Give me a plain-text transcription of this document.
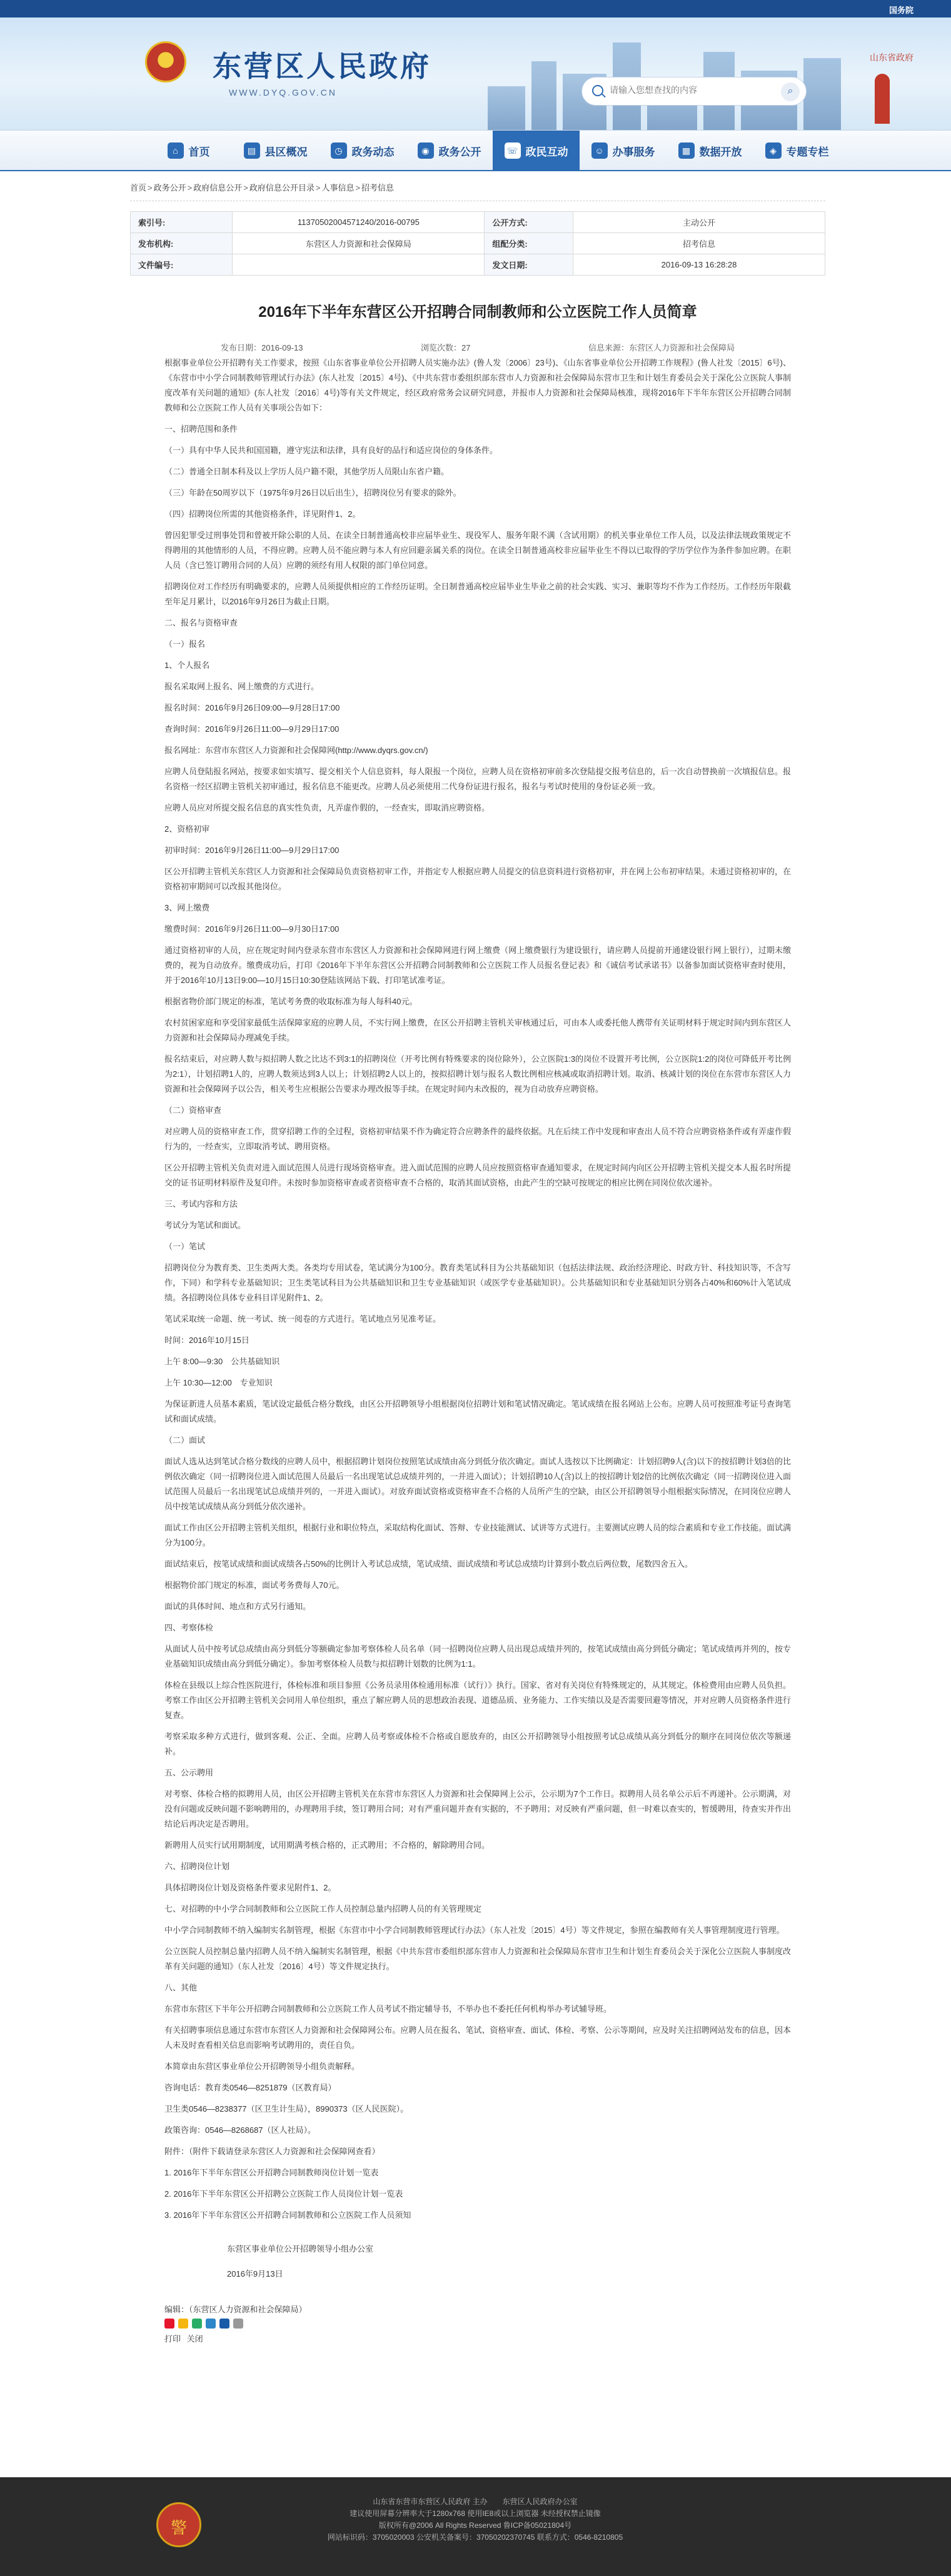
国务院
★
东营区人民政府
WWW.DYQ.GOV.CN
请输入您想查找的内容	⌕
山东省政府
⌂ 首页	▤ 县区概况	◷ 政务动态	◉ 政务公开	☏ 政民互动	☺ 办事服务	▦ 数据开放	◈ 专题专栏
首页 > 政务公开 > 政府信息公开 > 政府信息公开目录 > 人事信息 > 招考信息
索引号:	11370502004571240/2016-00795	公开方式:	主动公开
发布机构:	东营区人力资源和社会保障局	组配分类:	招考信息
文件编号:		发文日期:	2016-09-13 16:28:28
2016年下半年东营区公开招聘合同制教师和公立医院工作人员简章
发布日期：2016-09-13	浏览次数：27	信息来源：东营区人力资源和社会保障局

根据事业单位公开招聘有关工作要求，按照《山东省事业单位公开招聘人员实施办法》(鲁人发〔2006〕23号)、《山东省事业单位公开招聘工作规程》(鲁人社发〔2015〕6号)、《东营市中小学合同制教师管理试行办法》(东人社发〔2015〕4号)、《中共东营市委组织部东营市人力资源和社会保障局东营市卫生和计划生育委员会关于深化公立医院人事制度改革有关问题的通知》(东人社发〔2016〕4号)等有关文件规定，经区政府常务会议研究同意，并报市人力资源和社会保障局核准，现将2016年下半年东营区公开招聘合同制教师和公立医院工作人员有关事项公告如下：

一、招聘范围和条件

（一）具有中华人民共和国国籍，遵守宪法和法律，具有良好的品行和适应岗位的身体条件。

（二）普通全日制本科及以上学历人员户籍不限，其他学历人员限山东省户籍。

（三）年龄在50周岁以下（1975年9月26日以后出生），招聘岗位另有要求的除外。

（四）招聘岗位所需的其他资格条件，详见附件1、2。

曾因犯罪受过刑事处罚和曾被开除公职的人员、在读全日制普通高校非应届毕业生、现役军人、服务年限不满（含试用期）的机关事业单位工作人员，以及法律法规政策规定不得聘用的其他情形的人员，不得应聘。应聘人员不能应聘与本人有应回避亲属关系的岗位。在读全日制普通高校非应届毕业生不得以已取得的学历学位作为条件参加应聘。在职人员（含已签订聘用合同的人员）应聘的须经有用人权限的部门单位同意。

招聘岗位对工作经历有明确要求的，应聘人员须提供相应的工作经历证明。全日制普通高校应届毕业生毕业之前的社会实践、实习、兼职等均不作为工作经历。工作经历年限截至年足月累计，以2016年9月26日为截止日期。

二、报名与资格审查

（一）报名

1、个人报名

报名采取网上报名、网上缴费的方式进行。

报名时间：2016年9月26日09:00—9月28日17:00

查询时间：2016年9月26日11:00—9月29日17:00

报名网址：东营市东营区人力资源和社会保障网(http://www.dyqrs.gov.cn/)

应聘人员登陆报名网站，按要求如实填写、提交相关个人信息资料，每人限报一个岗位，应聘人员在资格初审前多次登陆提交报考信息的，后一次自动替换前一次填报信息。报名资格一经区招聘主管机关初审通过，报名信息不能更改。应聘人员必须使用二代身份证进行报名，报名与考试时使用的身份证必须一致。

应聘人员应对所提交报名信息的真实性负责，凡弄虚作假的，一经查实，即取消应聘资格。

2、资格初审

初审时间：2016年9月26日11:00—9月29日17:00

区公开招聘主管机关东营区人力资源和社会保障局负责资格初审工作，并指定专人根据应聘人员提交的信息资料进行资格初审，并在网上公布初审结果。未通过资格初审的，在资格初审期间可以改报其他岗位。

3、网上缴费

缴费时间：2016年9月26日11:00—9月30日17:00

通过资格初审的人员，应在规定时间内登录东营市东营区人力资源和社会保障网进行网上缴费（网上缴费银行为建设银行，请应聘人员提前开通建设银行网上银行），过期未缴费的，视为自动放弃。缴费成功后，打印《2016年下半年东营区公开招聘合同制教师和公立医院工作人员报名登记表》和《诚信考试承诺书》以备参加面试资格审查时使用，并于2016年10月13日9:00—10月15日10:30登陆该网站下载、打印笔试准考证。

根据省物价部门规定的标准，笔试考务费的收取标准为每人每科40元。

农村贫困家庭和享受国家最低生活保障家庭的应聘人员，不实行网上缴费，在区公开招聘主管机关审核通过后，可由本人或委托他人携带有关证明材料于规定时间内到东营区人力资源和社会保障局办理减免手续。

报名结束后，对应聘人数与拟招聘人数之比达不到3:1的招聘岗位（开考比例有特殊要求的岗位除外），公立医院1:3的岗位不设置开考比例，公立医院1:2的岗位可降低开考比例为2:1），计划招聘1人的，应聘人数须达到3人以上；计划招聘2人以上的，按拟招聘计划与报名人数比例相应核减或取消招聘计划。取消、核减计划的岗位在东营市东营区人力资源和社会保障网予以公告，相关考生应根据公告要求办理改报等手续。在规定时间内未改报的，视为自动放弃应聘资格。

（二）资格审查

对应聘人员的资格审查工作，贯穿招聘工作的全过程，资格初审结果不作为确定符合应聘条件的最终依据。凡在后续工作中发现和审查出人员不符合应聘资格条件或有弄虚作假行为的，一经查实，立即取消考试、聘用资格。

区公开招聘主管机关负责对进入面试范围人员进行现场资格审查。进入面试范围的应聘人员应按照资格审查通知要求，在规定时间内向区公开招聘主管机关提交本人报名时所提交的证书证明材料原件及复印件。未按时参加资格审查或者资格审查不合格的，取消其面试资格，由此产生的空缺可按规定的相应比例在同岗位依次递补。

三、考试内容和方法

考试分为笔试和面试。

（一）笔试

招聘岗位分为教育类、卫生类两大类。各类均专用试卷，笔试满分为100分。教育类笔试科目为公共基础知识（包括法律法规、政治经济理论、时政方针、科技知识等，不含写作，下同）和学科专业基础知识；卫生类笔试科目为公共基础知识和卫生专业基础知识（或医学专业基础知识）。公共基础知识和专业基础知识分别各占40%和60%计入笔试成绩。各招聘岗位具体专业科目详见附件1、2。

笔试采取统一命题、统一考试、统一阅卷的方式进行。笔试地点另见准考证。

时间：2016年10月15日

上午 8:00—9:30　公共基础知识

上午 10:30—12:00　专业知识

为保证新进人员基本素质，笔试设定最低合格分数线，由区公开招聘领导小组根据岗位招聘计划和笔试情况确定。笔试成绩在报名网站上公布。应聘人员可按照准考证号查询笔试和面试成绩。

（二）面试

面试人选从达到笔试合格分数线的应聘人员中，根据招聘计划岗位按照笔试成绩由高分到低分依次确定。面试人选按以下比例确定：计划招聘9人(含)以下的按招聘计划3倍的比例依次确定（同一招聘岗位进入面试范围人员最后一名出现笔试总成绩并列的，一并进入面试）；计划招聘10人(含)以上的按招聘计划2倍的比例依次确定（同一招聘岗位进入面试范围人员最后一名出现笔试总成绩并列的，一并进入面试）。对放弃面试资格或资格审查不合格的人员所产生的空缺，由区公开招聘领导小组根据实际情况，在同岗位应聘人员中按笔试成绩从高分到低分依次递补。

面试工作由区公开招聘主管机关组织，根据行业和职位特点，采取结构化面试、答辩、专业技能测试、试讲等方式进行。主要测试应聘人员的综合素质和专业工作技能。面试满分为100分。

面试结束后，按笔试成绩和面试成绩各占50%的比例计入考试总成绩，笔试成绩、面试成绩和考试总成绩均计算到小数点后两位数，尾数四舍五入。

根据物价部门规定的标准，面试考务费每人70元。

面试的具体时间、地点和方式另行通知。

四、考察体检

从面试人员中按考试总成绩由高分到低分等额确定参加考察体检人员名单（同一招聘岗位应聘人员出现总成绩并列的，按笔试成绩由高分到低分确定；笔试成绩再并列的，按专业基础知识成绩由高分到低分确定）。参加考察体检人员数与拟招聘计划数的比例为1:1。

体检在县级以上综合性医院进行，体检标准和项目参照《公务员录用体检通用标准（试行）》执行。国家、省对有关岗位有特殊规定的，从其规定。体检费用由应聘人员负担。考察工作由区公开招聘主管机关会同用人单位组织，重点了解应聘人员的思想政治表现、道德品质、业务能力、工作实绩以及是否需要回避等情况，并对应聘人员资格条件进行复查。

考察采取多种方式进行，做到客观、公正、全面。应聘人员考察或体检不合格或自愿放弃的，由区公开招聘领导小组按照考试总成绩从高分到低分的顺序在同岗位依次等额递补。

五、公示聘用

对考察、体检合格的拟聘用人员，由区公开招聘主管机关在东营市东营区人力资源和社会保障网上公示，公示期为7个工作日。拟聘用人员名单公示后不再递补。公示期满，对没有问题或反映问题不影响聘用的，办理聘用手续，签订聘用合同；对有严重问题并查有实据的，不予聘用；对反映有严重问题，但一时难以查实的，暂缓聘用，待查实并作出结论后再决定是否聘用。

新聘用人员实行试用期制度，试用期满考核合格的，正式聘用；不合格的，解除聘用合同。

六、招聘岗位计划

具体招聘岗位计划及资格条件要求见附件1、2。

七、对招聘的中小学合同制教师和公立医院工作人员控制总量内招聘人员的有关管理规定

中小学合同制教师不纳入编制实名制管理，根据《东营市中小学合同制教师管理试行办法》（东人社发〔2015〕4号）等文件规定，参照在编教师有关人事管理制度进行管理。

公立医院人员控制总量内招聘人员不纳入编制实名制管理，根据《中共东营市委组织部东营市人力资源和社会保障局东营市卫生和计划生育委员会关于深化公立医院人事制度改革有关问题的通知》（东人社发〔2016〕4号）等文件规定执行。

八、其他

东营市东营区下半年公开招聘合同制教师和公立医院工作人员考试不指定辅导书，不举办也不委托任何机构举办考试辅导班。

有关招聘事项信息通过东营市东营区人力资源和社会保障网公布。应聘人员在报名、笔试、资格审查、面试、体检、考察、公示等期间，应及时关注招聘网站发布的信息，因本人未及时查看相关信息而影响考试聘用的，责任自负。

本简章由东营区事业单位公开招聘领导小组负责解释。

咨询电话：教育类0546—8251879（区教育局）

卫生类0546—8238377（区卫生计生局），8990373（区人民医院）。

政策咨询：0546—8268687（区人社局）。

附件：（附件下载请登录东营区人力资源和社会保障网查看）

1. 2016年下半年东营区公开招聘合同制教师岗位计划一览表

2. 2016年下半年东营区公开招聘公立医院工作人员岗位计划一览表

3. 2016年下半年东营区公开招聘合同制教师和公立医院工作人员须知

东营区事业单位公开招聘领导小组办公室

2016年9月13日

编辑：（东营区人力资源和社会保障局）
打印 关闭
警
山东省东营市东营区人民政府 主办　　东营区人民政府办公室
建议使用屏幕分辨率大于1280x768 使用IE8或以上浏览器 未经授权禁止镜像
版权所有@2006 All Rights Reserved 鲁ICP备05021804号
网站标识码：3705020003 公安机关备案号：37050202370745 联系方式：0546-8210805
